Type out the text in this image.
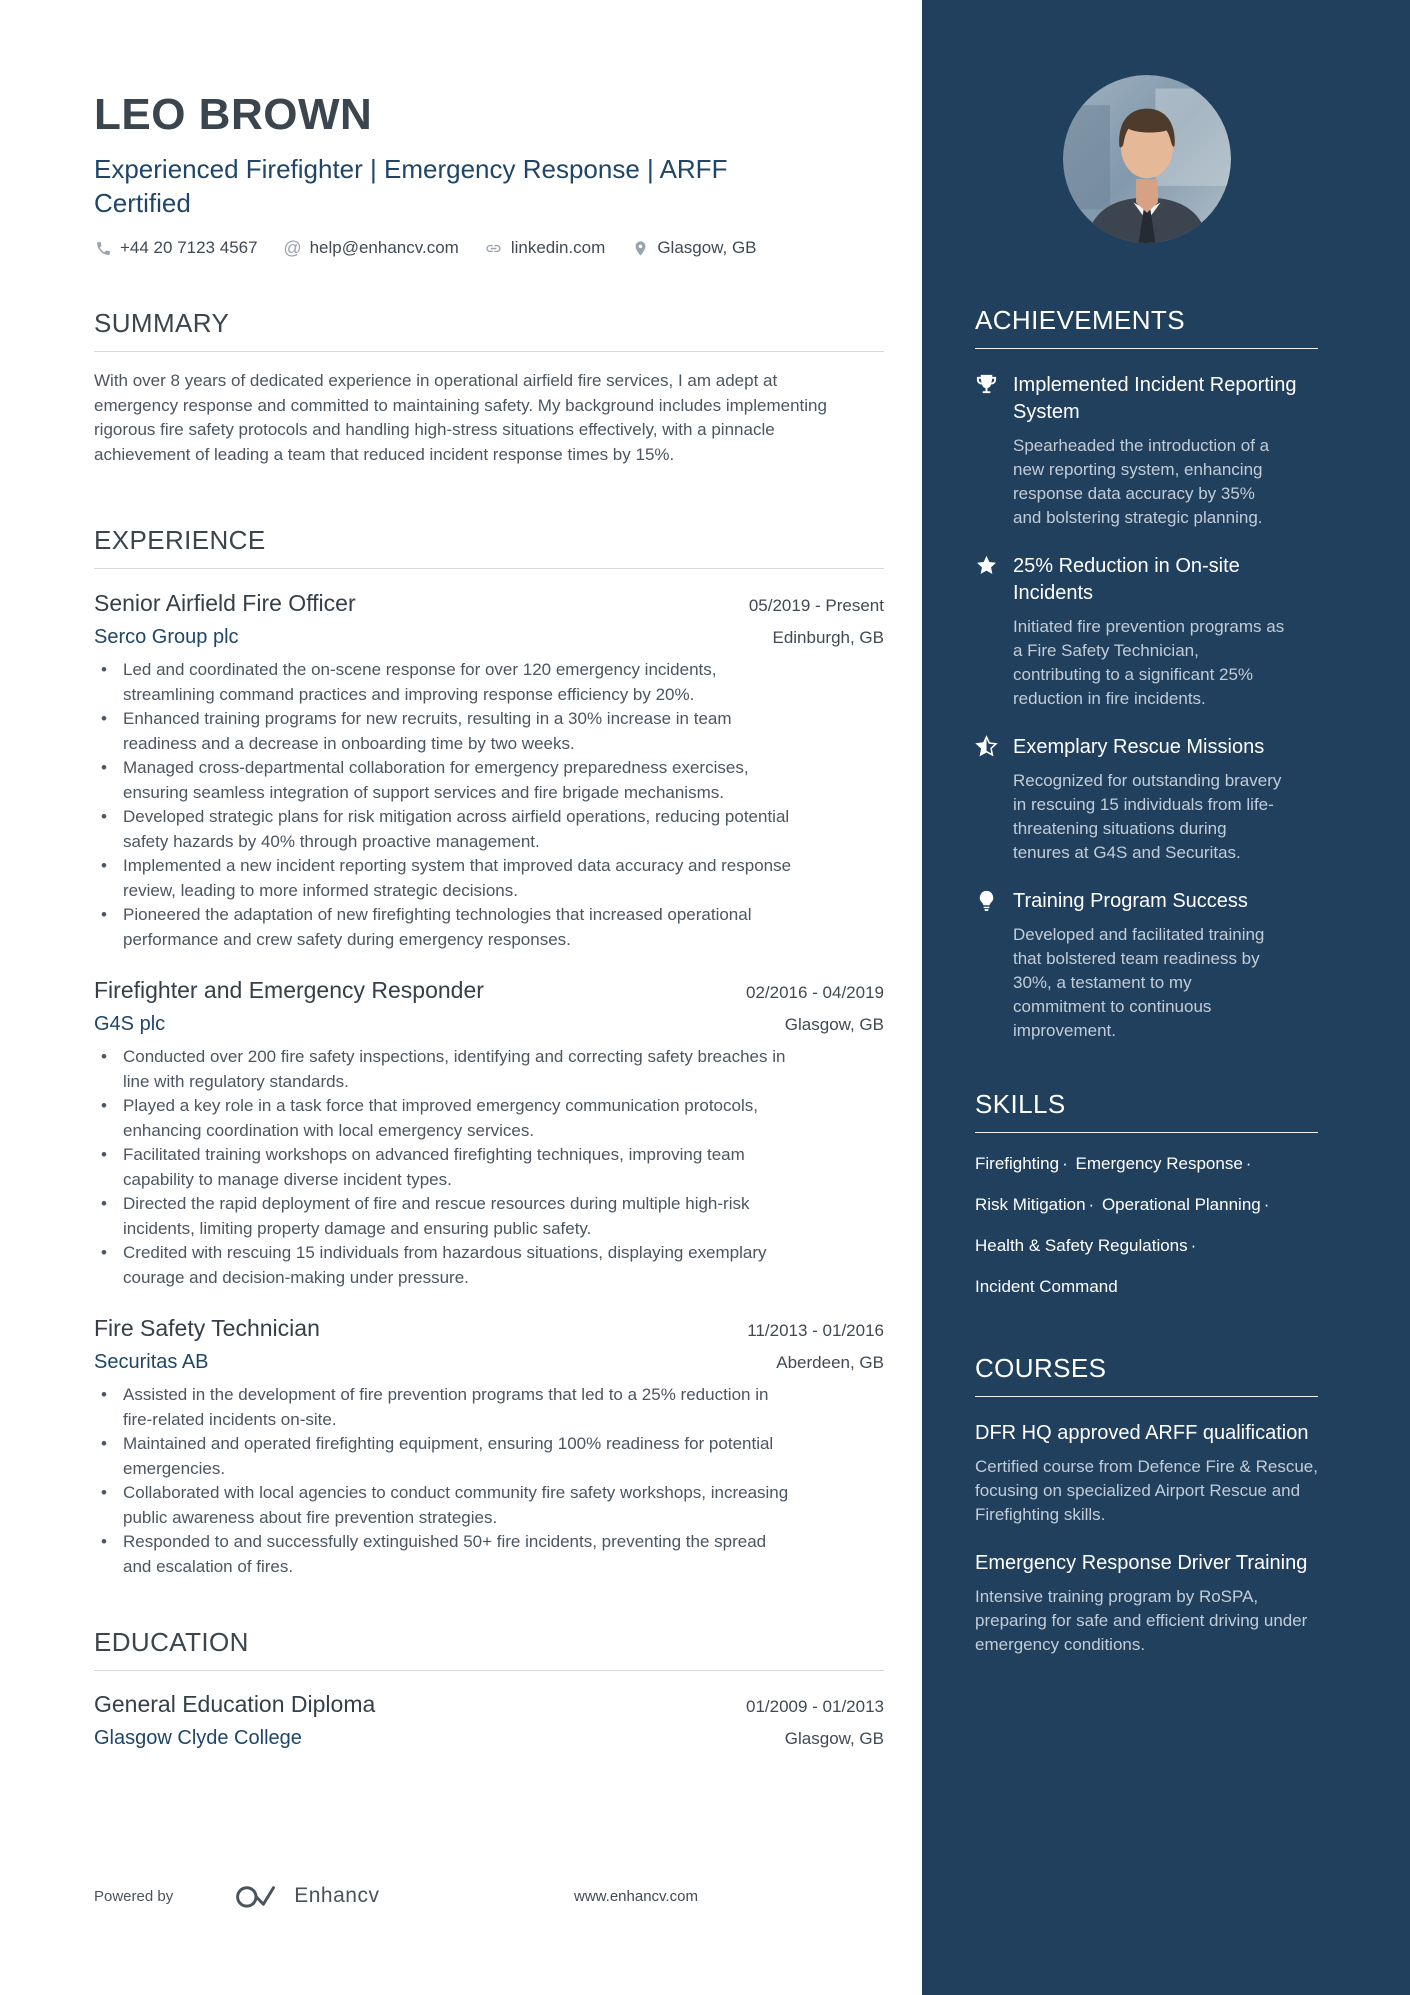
LEO BROWN
Experienced Firefighter | Emergency Response | ARFF Certified
+44 20 7123 4567 @ help@enhancv.com	linkedin.com	Glasgow, GB
SUMMARY

With over 8 years of dedicated experience in operational airfield fire services, I am adept at emergency response and committed to maintaining safety. My background includes implementing rigorous fire safety protocols and handling high-stress situations effectively, with a pinnacle achievement of leading a team that reduced incident response times by 15%.

EXPERIENCE
Senior Airfield Fire Officer	05/2019 - Present
Serco Group plc	Edinburgh, GB
• Led and coordinated the on-scene response for over 120 emergency incidents, streamlining command practices and improving response efficiency by 20%.
• Enhanced training programs for new recruits, resulting in a 30% increase in team readiness and a decrease in onboarding time by two weeks.
• Managed cross-departmental collaboration for emergency preparedness exercises, ensuring seamless integration of support services and fire brigade mechanisms.
• Developed strategic plans for risk mitigation across airfield operations, reducing potential safety hazards by 40% through proactive management.
• Implemented a new incident reporting system that improved data accuracy and response review, leading to more informed strategic decisions.
• Pioneered the adaptation of new firefighting technologies that increased operational performance and crew safety during emergency responses.
Firefighter and Emergency Responder	02/2016 - 04/2019
G4S plc	Glasgow, GB
• Conducted over 200 fire safety inspections, identifying and correcting safety breaches in line with regulatory standards.
• Played a key role in a task force that improved emergency communication protocols, enhancing coordination with local emergency services.
• Facilitated training workshops on advanced firefighting techniques, improving team capability to manage diverse incident types.
• Directed the rapid deployment of fire and rescue resources during multiple high-risk incidents, limiting property damage and ensuring public safety.
• Credited with rescuing 15 individuals from hazardous situations, displaying exemplary courage and decision-making under pressure.
Fire Safety Technician	11/2013 - 01/2016
Securitas AB	Aberdeen, GB
• Assisted in the development of fire prevention programs that led to a 25% reduction in fire-related incidents on-site.
• Maintained and operated firefighting equipment, ensuring 100% readiness for potential emergencies.
• Collaborated with local agencies to conduct community fire safety workshops, increasing public awareness about fire prevention strategies.
• Responded to and successfully extinguished 50+ fire incidents, preventing the spread and escalation of fires.
EDUCATION
General Education Diploma	01/2009 - 01/2013
Glasgow Clyde College	Glasgow, GB
ACHIEVEMENTS
Implemented Incident Reporting System
Spearheaded the introduction of a new reporting system, enhancing response data accuracy by 35% and bolstering strategic planning.
25% Reduction in On-site Incidents
Initiated fire prevention programs as a Fire Safety Technician, contributing to a significant 25% reduction in fire incidents.
Exemplary Rescue Missions
Recognized for outstanding bravery in rescuing 15 individuals from life-threatening situations during tenures at G4S and Securitas.
Training Program Success
Developed and facilitated training that bolstered team readiness by 30%, a testament to my commitment to continuous improvement.
SKILLS
Firefighting · Emergency Response · Risk Mitigation · Operational Planning · Health & Safety Regulations · Incident Command
COURSES
DFR HQ approved ARFF qualification
Certified course from Defence Fire & Rescue, focusing on specialized Airport Rescue and Firefighting skills.
Emergency Response Driver Training
Intensive training program by RoSPA, preparing for safe and efficient driving under emergency conditions.
Powered by	Enhancv	www.enhancv.com
